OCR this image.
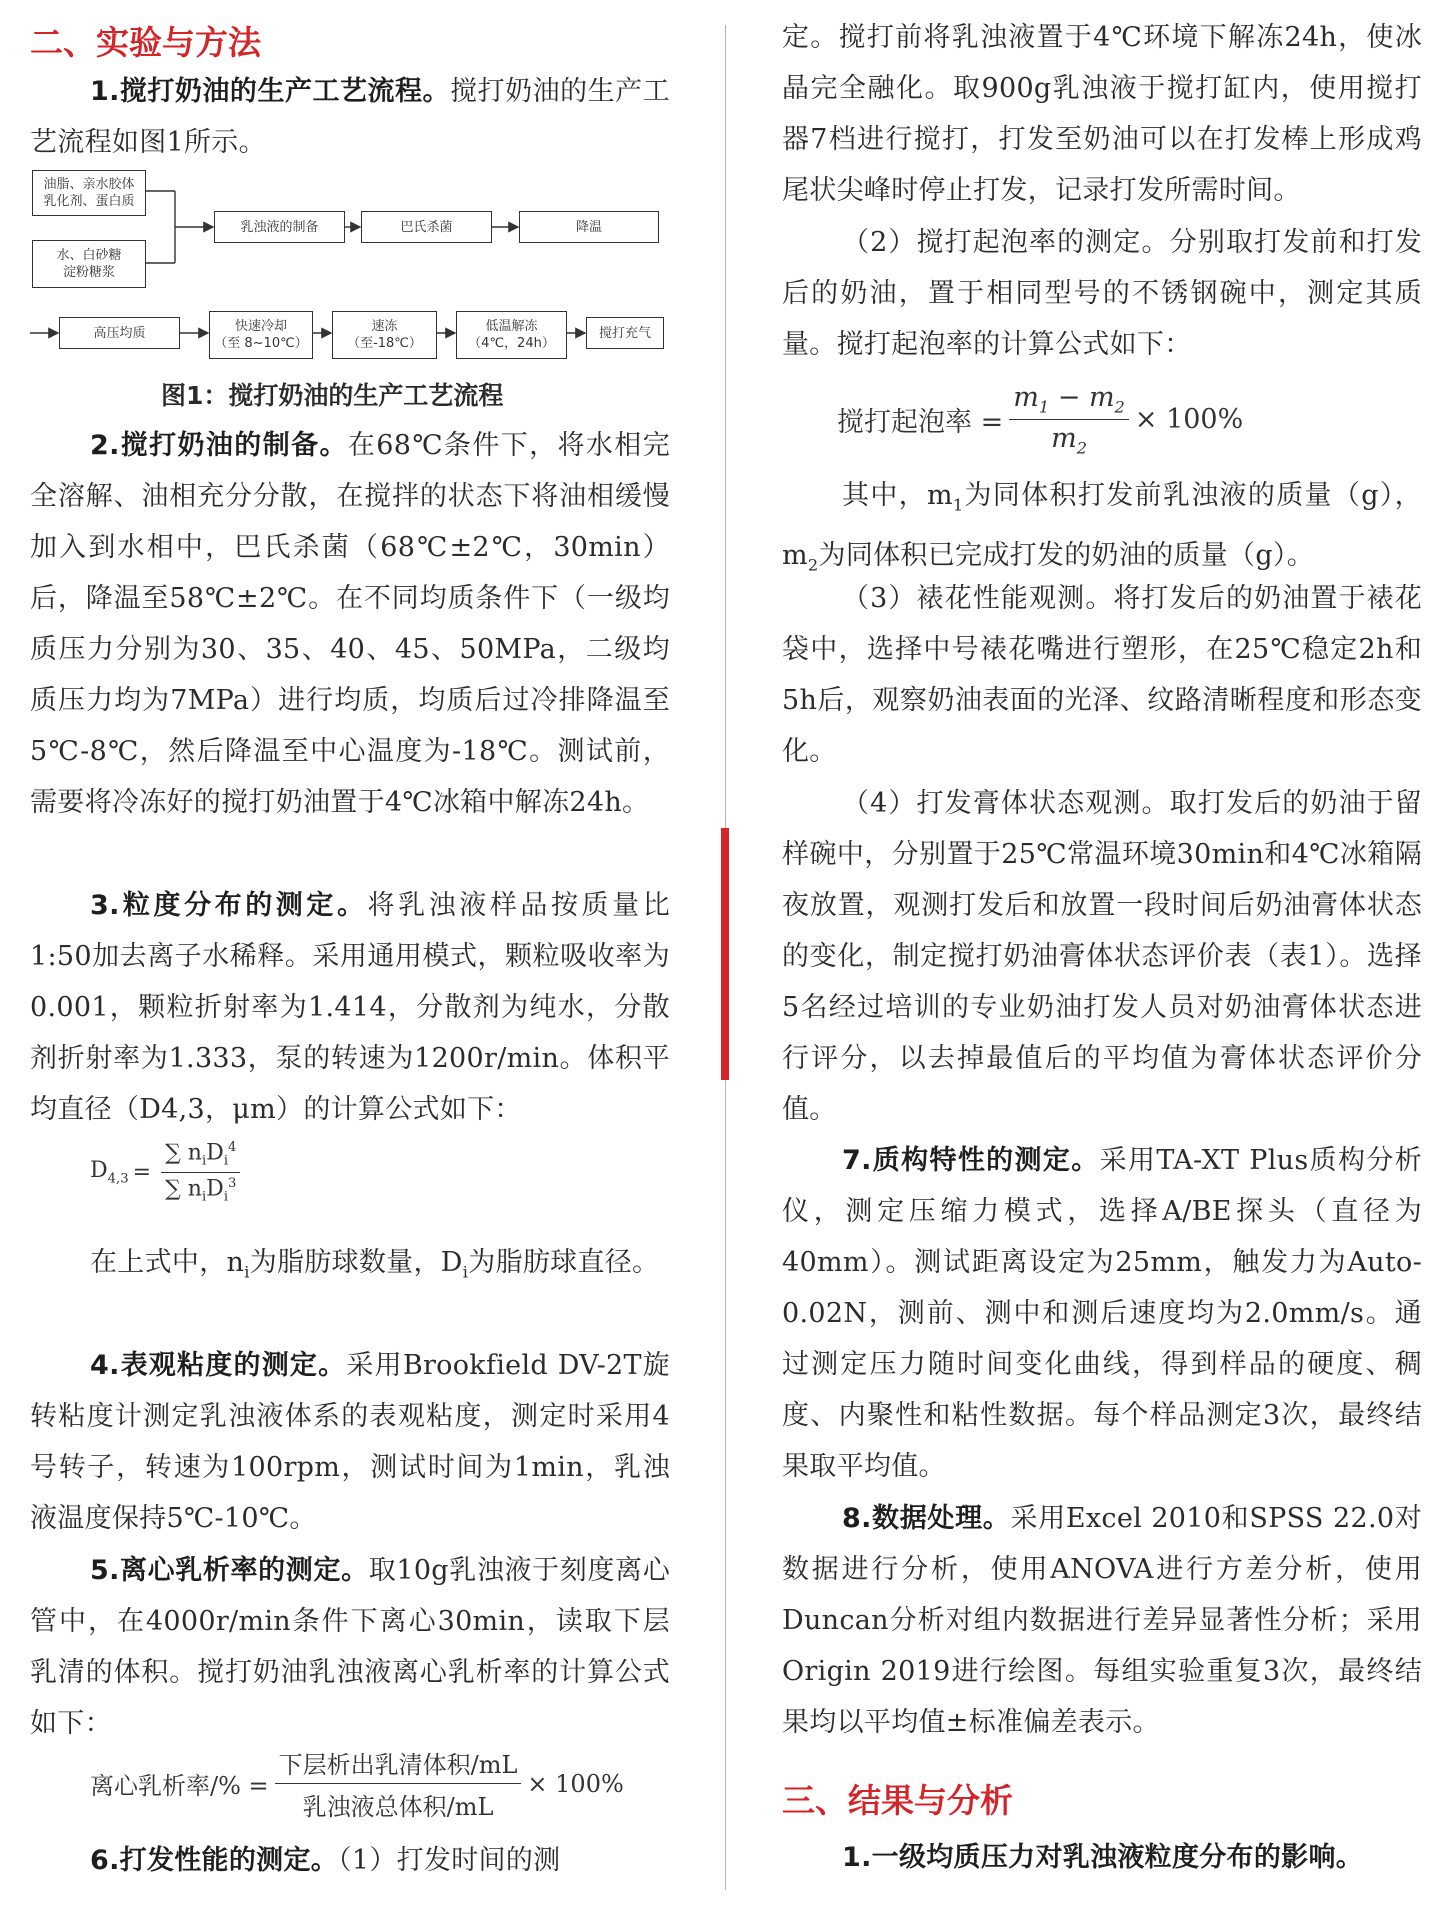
二、实验与方法

1.搅打奶油的生产工艺流程。搅打奶油的生产工艺流程如图1所示。

油脂、亲水胶体
乳化剂、蛋白质
水、白砂糖
淀粉糖浆
乳浊液的制备	巴氏杀菌	降温
高压均质	快速冷却
（至 8~10℃）
速冻
（至-18℃）
低温解冻
（4℃，24h）
搅打充气
图1：搅打奶油的生产工艺流程

2.搅打奶油的制备。在68℃条件下，将水相完全溶解、油相充分分散，在搅拌的状态下将油相缓慢加入到水相中，巴氏杀菌（68℃±2℃，30min）后，降温至58℃±2℃。在不同均质条件下（一级均质压力分别为30、35、40、45、50MPa，二级均质压力均为7MPa）进行均质，均质后过冷排降温至5℃-8℃，然后降温至中心温度为-18℃。测试前，需要将冷冻好的搅打奶油置于4℃冰箱中解冻24h。

3.粒度分布的测定。将乳浊液样品按质量比1:50加去离子水稀释。采用通用模式，颗粒吸收率为0.001，颗粒折射率为1.414，分散剂为纯水，分散剂折射率为1.333，泵的转速为1200r/min。体积平均直径（D4,3，μm）的计算公式如下：

$D_{4,3} = \frac{\sum n_iD_i^4}{\sum n_iD_i^3}$

在上式中，$n_i$为脂肪球数量，$D_i$为脂肪球直径。

4.表观粘度的测定。采用Brookfield DV-2T旋转粘度计测定乳浊液体系的表观粘度，测定时采用4号转子，转速为100rpm，测试时间为1min，乳浊液温度保持5℃-10℃。

5.离心乳析率的测定。取10g乳浊液于刻度离心管中，在4000r/min条件下离心30min，读取下层乳清的体积。搅打奶油乳浊液离心乳析率的计算公式如下：

离心乳析率/% = $\frac{\text{下层析出乳清体积/mL}}{\text{乳浊液总体积/mL}} \times 100\%$

6.打发性能的测定。（1）打发时间的测

定。搅打前将乳浊液置于4℃环境下解冻24h，使冰晶完全融化。取900g乳浊液于搅打缸内，使用搅打器7档进行搅打，打发至奶油可以在打发棒上形成鸡尾状尖峰时停止打发，记录打发所需时间。

（2）搅打起泡率的测定。分别取打发前和打发后的奶油，置于相同型号的不锈钢碗中，测定其质量。搅打起泡率的计算公式如下：

搅打起泡率 = $\frac{m_1 - m_2}{m_2} \times 100\%$

其中，$m_1$为同体积打发前乳浊液的质量（g），$m_2$为同体积已完成打发的奶油的质量（g）。

（3）裱花性能观测。将打发后的奶油置于裱花袋中，选择中号裱花嘴进行塑形，在25℃稳定2h和5h后，观察奶油表面的光泽、纹路清晰程度和形态变化。

（4）打发膏体状态观测。取打发后的奶油于留样碗中，分别置于25℃常温环境30min和4℃冰箱隔夜放置，观测打发后和放置一段时间后奶油膏体状态的变化，制定搅打奶油膏体状态评价表（表1）。选择5名经过培训的专业奶油打发人员对奶油膏体状态进行评分，以去掉最值后的平均值为膏体状态评价分值。

7.质构特性的测定。采用TA-XT Plus质构分析仪，测定压缩力模式，选择A/BE探头（直径为40mm）。测试距离设定为25mm，触发力为Auto-0.02N，测前、测中和测后速度均为2.0mm/s。通过测定压力随时间变化曲线，得到样品的硬度、稠度、内聚性和粘性数据。每个样品测定3次，最终结果取平均值。

8.数据处理。采用Excel 2010和SPSS 22.0对数据进行分析，使用ANOVA进行方差分析，使用Duncan分析对组内数据进行差异显著性分析；采用Origin 2019进行绘图。每组实验重复3次，最终结果均以平均值±标准偏差表示。

三、结果与分析

1.一级均质压力对乳浊液粒度分布的影响。
